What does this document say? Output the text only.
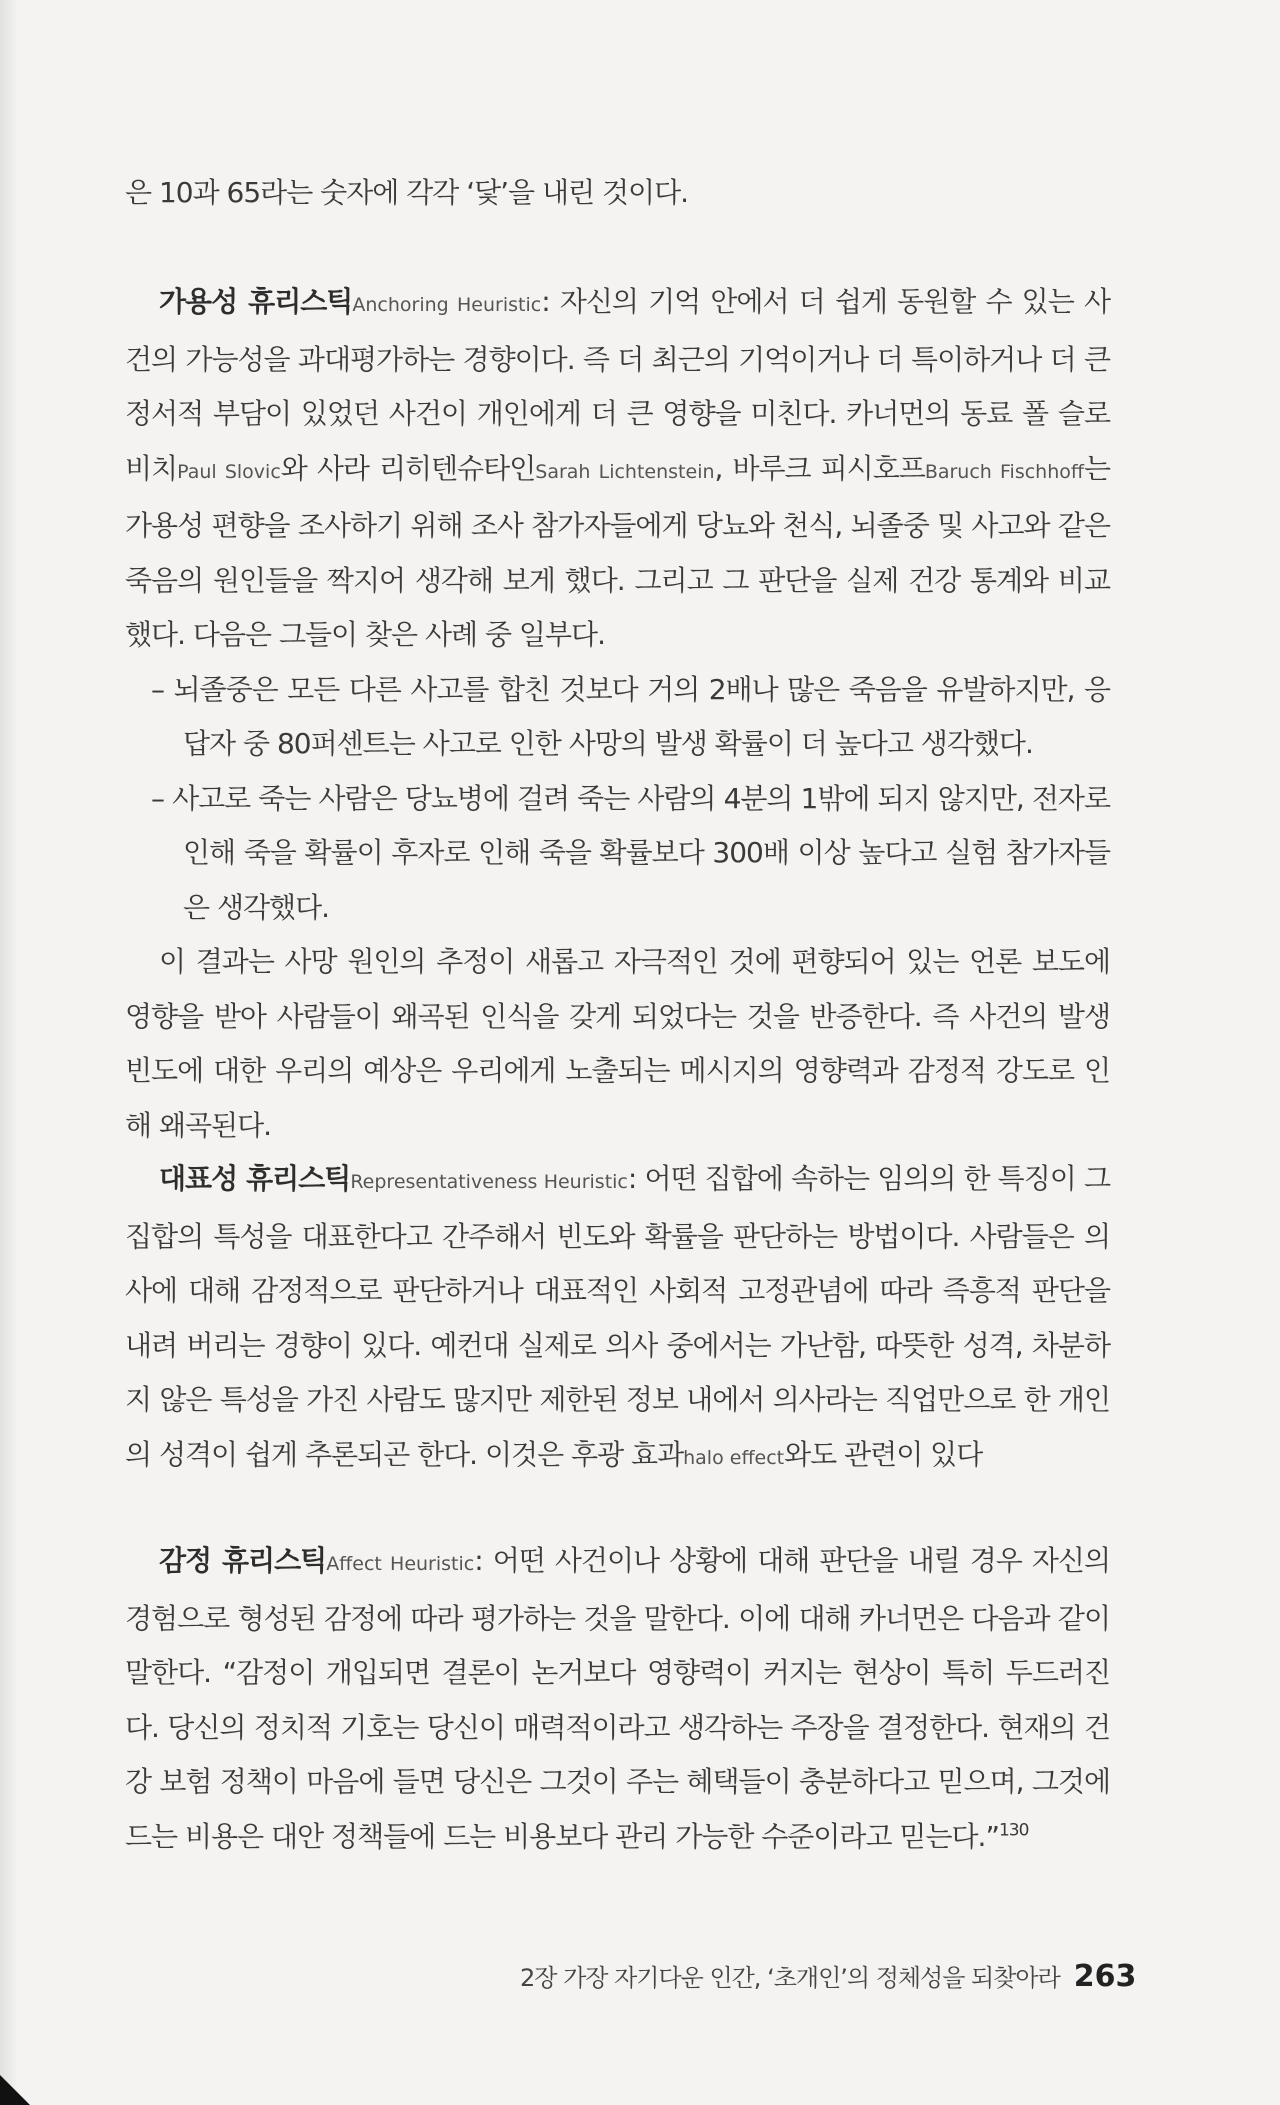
은 10과 65라는 숫자에 각각 ‘닻’을 내린 것이다.

가용성 휴리스틱Anchoring Heuristic: 자신의 기억 안에서 더 쉽게 동원할 수 있는 사건의 가능성을 과대평가하는 경향이다. 즉 더 최근의 기억이거나 더 특이하거나 더 큰 정서적 부담이 있었던 사건이 개인에게 더 큰 영향을 미친다. 카너먼의 동료 폴 슬로비치Paul Slovic와 사라 리히텐슈타인Sarah Lichtenstein, 바루크 피시호프Baruch Fischhoff는 가용성 편향을 조사하기 위해 조사 참가자들에게 당뇨와 천식, 뇌졸중 및 사고와 같은 죽음의 원인들을 짝지어 생각해 보게 했다. 그리고 그 판단을 실제 건강 통계와 비교했다. 다음은 그들이 찾은 사례 중 일부다.

– 뇌졸중은 모든 다른 사고를 합친 것보다 거의 2배나 많은 죽음을 유발하지만, 응답자 중 80퍼센트는 사고로 인한 사망의 발생 확률이 더 높다고 생각했다.
– 사고로 죽는 사람은 당뇨병에 걸려 죽는 사람의 4분의 1밖에 되지 않지만, 전자로 인해 죽을 확률이 후자로 인해 죽을 확률보다 300배 이상 높다고 실험 참가자들은 생각했다.

이 결과는 사망 원인의 추정이 새롭고 자극적인 것에 편향되어 있는 언론 보도에 영향을 받아 사람들이 왜곡된 인식을 갖게 되었다는 것을 반증한다. 즉 사건의 발생 빈도에 대한 우리의 예상은 우리에게 노출되는 메시지의 영향력과 감정적 강도로 인해 왜곡된다.

대표성 휴리스틱Representativeness Heuristic: 어떤 집합에 속하는 임의의 한 특징이 그 집합의 특성을 대표한다고 간주해서 빈도와 확률을 판단하는 방법이다. 사람들은 의사에 대해 감정적으로 판단하거나 대표적인 사회적 고정관념에 따라 즉흥적 판단을 내려 버리는 경향이 있다. 예컨대 실제로 의사 중에서는 가난함, 따뜻한 성격, 차분하지 않은 특성을 가진 사람도 많지만 제한된 정보 내에서 의사라는 직업만으로 한 개인의 성격이 쉽게 추론되곤 한다. 이것은 후광 효과halo effect와도 관련이 있다

감정 휴리스틱Affect Heuristic: 어떤 사건이나 상황에 대해 판단을 내릴 경우 자신의 경험으로 형성된 감정에 따라 평가하는 것을 말한다. 이에 대해 카너먼은 다음과 같이 말한다. “감정이 개입되면 결론이 논거보다 영향력이 커지는 현상이 특히 두드러진다. 당신의 정치적 기호는 당신이 매력적이라고 생각하는 주장을 결정한다. 현재의 건강 보험 정책이 마음에 들면 당신은 그것이 주는 혜택들이 충분하다고 믿으며, 그것에 드는 비용은 대안 정책들에 드는 비용보다 관리 가능한 수준이라고 믿는다.”$^{130}$

2장 가장 자기다운 인간, ‘초개인’의 정체성을 되찾아라 263
